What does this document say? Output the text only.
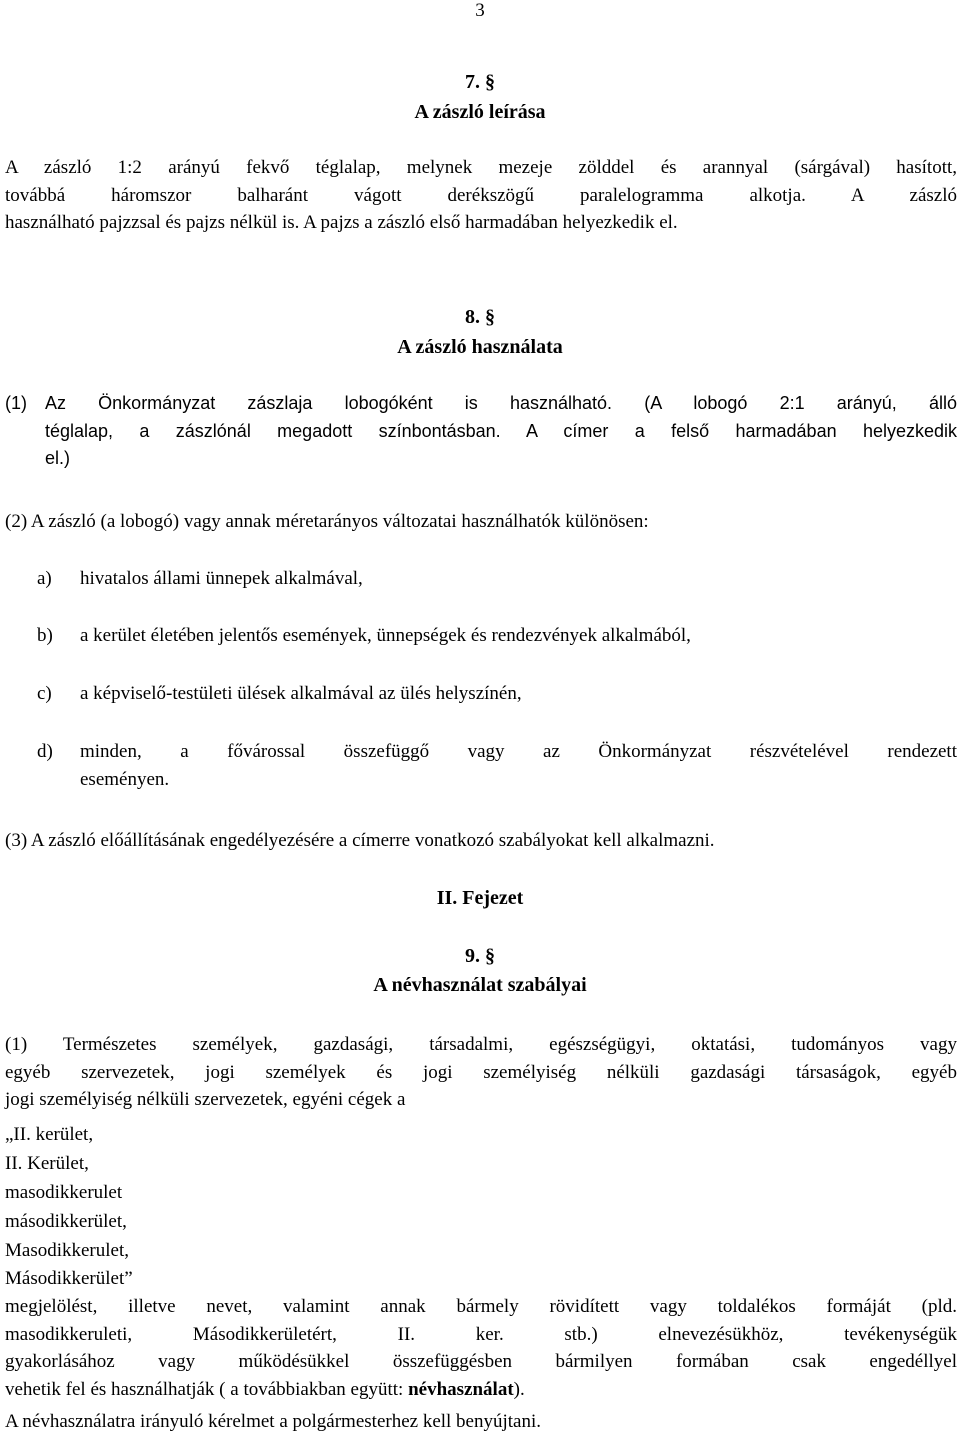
3
7. §
A zászló leírása
A zászló 1:2 arányú fekvő téglalap, melynek mezeje zölddel és arannyal (sárgával) hasított,
továbbá háromszor balharánt vágott derékszögű paralelogramma alkotja. A zászló
használható pajzzsal és pajzs nélkül is. A pajzs a zászló első harmadában helyezkedik el.
8. §
A zászló használata
(1) Az Önkormányzat zászlaja lobogóként is használható. (A lobogó 2:1 arányú, álló
téglalap, a zászlónál megadott színbontásban. A címer a felső harmadában helyezkedik
el.)
(2) A zászló (a lobogó) vagy annak méretarányos változatai használhatók különösen:
a) hivatalos állami ünnepek alkalmával,
b) a kerület életében jelentős események, ünnepségek és rendezvények alkalmából,
c) a képviselő-testületi ülések alkalmával az ülés helyszínén,
d) minden, a fővárossal összefüggő vagy az Önkormányzat részvételével rendezett
eseményen.
(3) A zászló előállításának engedélyezésére a címerre vonatkozó szabályokat kell alkalmazni.
II. Fejezet
9. §
A névhasználat szabályai
(1) Természetes személyek, gazdasági, társadalmi, egészségügyi, oktatási, tudományos vagy
egyéb szervezetek, jogi személyek és jogi személyiség nélküli gazdasági társaságok, egyéb
jogi személyiség nélküli szervezetek, egyéni cégek a
„II. kerület,
II. Kerület,
masodikkerulet
másodikkerület,
Masodikkerulet,
Másodikkerület”
megjelölést, illetve nevet, valamint annak bármely rövidített vagy toldalékos formáját (pld.
masodikkeruleti, Másodikkerületért, II. ker. stb.) elnevezésükhöz, tevékenységük
gyakorlásához vagy működésükkel összefüggésben bármilyen formában csak engedéllyel
vehetik fel és használhatják ( a továbbiakban együtt: névhasználat).
A névhasználatra irányuló kérelmet a polgármesterhez kell benyújtani.
